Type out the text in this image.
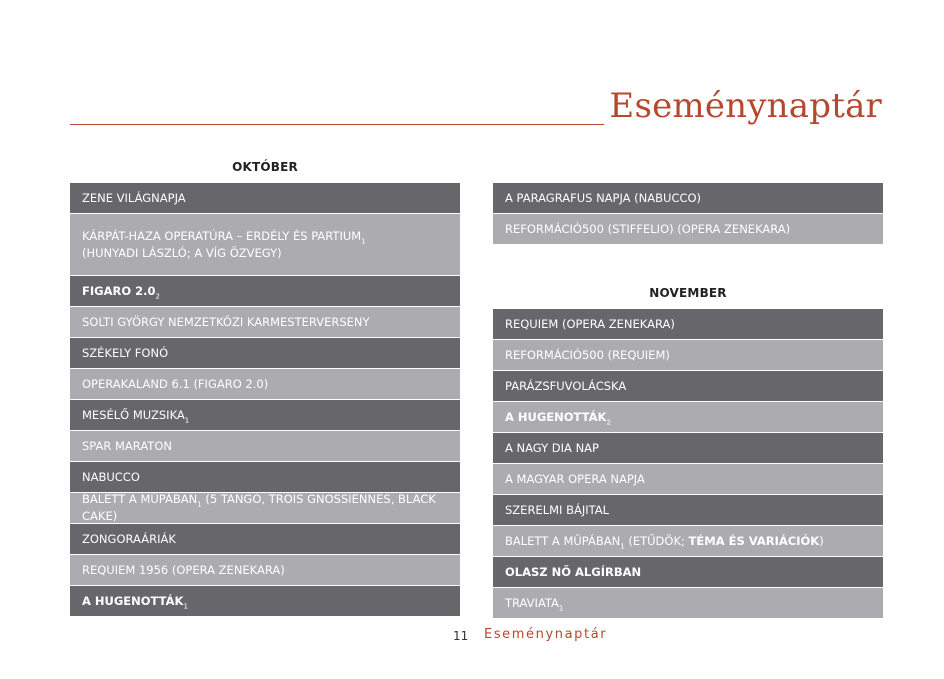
Eseménynaptár
OKTÓBER
ZENE VILÁGNAPJA
KÁRPÁT-HAZA OPERATÚRA – ERDÉLY ÉS $PARTIUM_1$
(HUNYADI LÁSZLÓ; A VÍG ÖZVEGY)
FIGARO $2.0_2$
SOLTI GYÖRGY NEMZETKÖZI KARMESTERVERSENY
SZÉKELY FONÓ
OPERAKALAND 6.1 (FIGARO 2.0)
MESÉLŐ $MUZSIKA_1$
SPAR MARATON
NABUCCO
BALETT A $MÜPÁBAN_1$ (5 TANGÓ, TROIS GNOSSIENNES, BLACK CAKE)
ZONGORAÁRIÁK
REQUIEM 1956 (OPERA ZENEKARA)
A $HUGENOTTÁK_1$
A PARAGRAFUS NAPJA (NABUCCO)
REFORMÁCIÓ500 (STIFFELIO) (OPERA ZENEKARA)
NOVEMBER
REQUIEM (OPERA ZENEKARA)
REFORMÁCIÓ500 (REQUIEM)
PARÁZSFUVOLÁCSKA
A $HUGENOTTÁK_2$
A NAGY DIA NAP
A MAGYAR OPERA NAPJA
SZERELMI BÁJITAL
BALETT A $MÜPÁBAN_1$ (ETŰDÖK; TÉMA ÉS VARIÁCIÓK)
OLASZ NŐ ALGÍRBAN
$TRAVIATA_1$
11 Eseménynaptár
